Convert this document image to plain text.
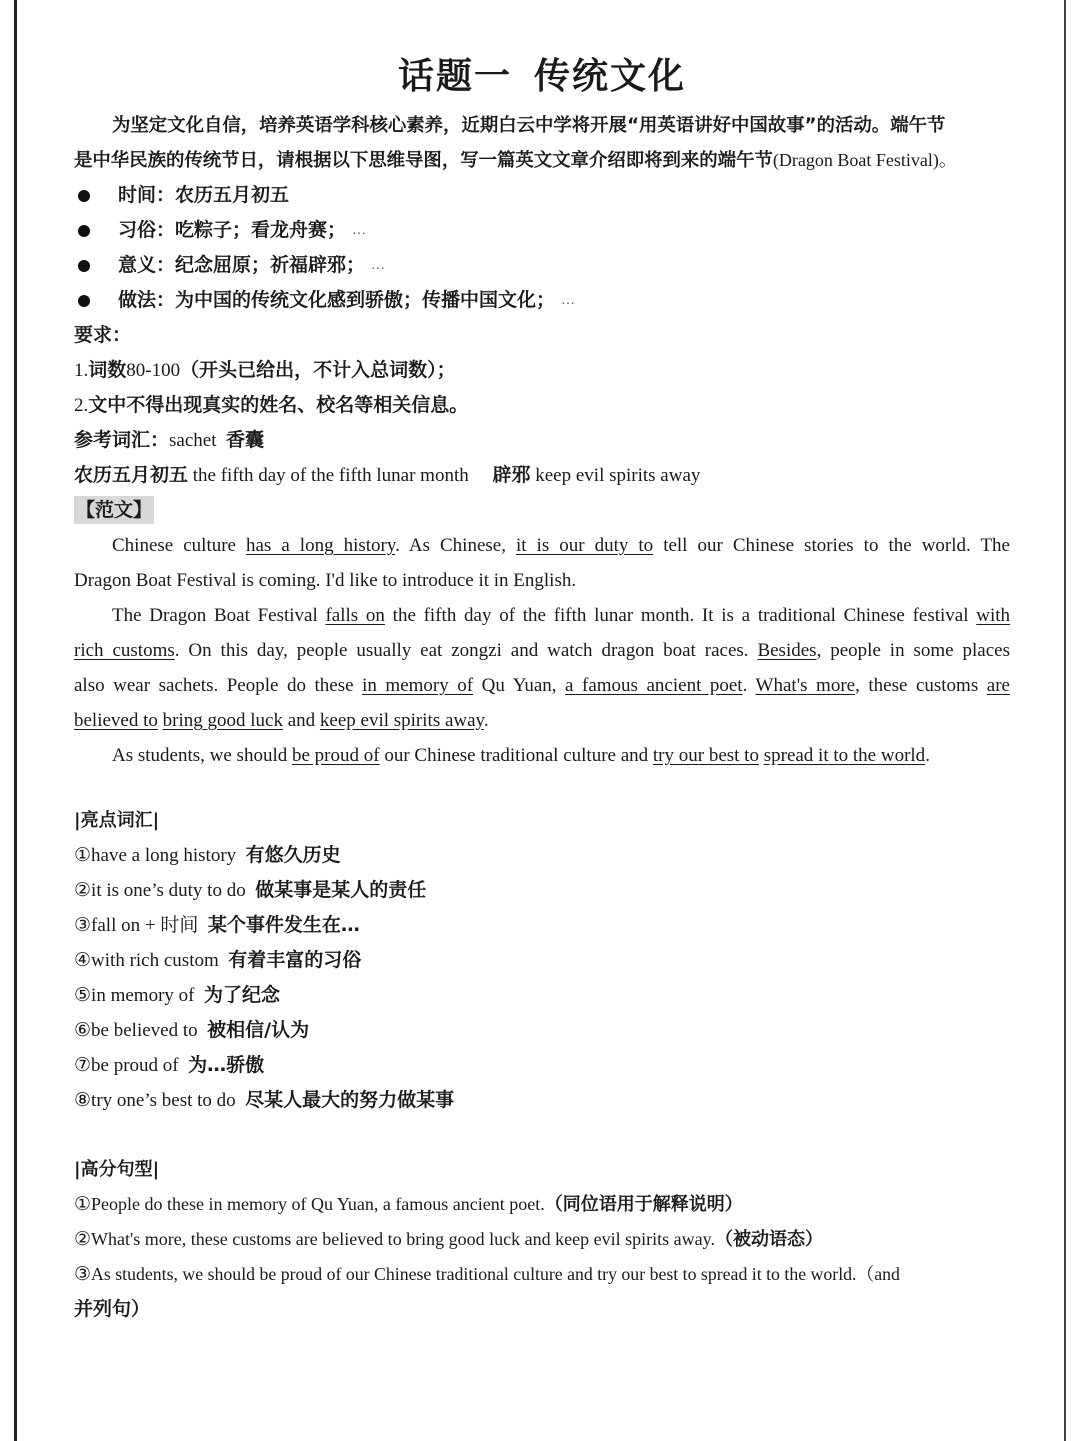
话题一 传统文化
为坚定文化自信，培养英语学科核心素养，近期白云中学将开展“用英语讲好中国故事”的活动。端午节
是中华民族的传统节日，请根据以下思维导图，写一篇英文文章介绍即将到来的端午节(Dragon Boat Festival)。
时间：农历五月初五
习俗：吃粽子；看龙舟赛； …
意义：纪念屈原；祈福辟邪； …
做法：为中国的传统文化感到骄傲；传播中国文化； …
要求：
1.词数80-100（开头已给出，不计入总词数）；
2.文中不得出现真实的姓名、校名等相关信息。
参考词汇：sachet 香囊
农历五月初五 the fifth day of the fifth lunar month 辟邪 keep evil spirits away
【范文】

Chinese culture has a long history. As Chinese, it is our duty to tell our Chinese stories to the world. The

Dragon Boat Festival is coming. I'd like to introduce it in English.

The Dragon Boat Festival falls on the fifth day of the fifth lunar month. It is a traditional Chinese festival with

rich customs. On this day, people usually eat zongzi and watch dragon boat races. Besides, people in some places

also wear sachets. People do these in memory of Qu Yuan, a famous ancient poet. What's more, these customs are

believed to bring good luck and keep evil spirits away.

As students, we should be proud of our Chinese traditional culture and try our best to spread it to the world.

|亮点词汇|
①have a long history 有悠久历史
②it is one’s duty to do 做某事是某人的责任
③fall on + 时间 某个事件发生在…
④with rich custom 有着丰富的习俗
⑤in memory of 为了纪念
⑥be believed to 被相信/认为
⑦be proud of 为…骄傲
⑧try one’s best to do 尽某人最大的努力做某事
|高分句型|
①People do these in memory of Qu Yuan, a famous ancient poet.（同位语用于解释说明）
②What's more, these customs are believed to bring good luck and keep evil spirits away.（被动语态）
③As students, we should be proud of our Chinese traditional culture and try our best to spread it to the world.（and
并列句）
